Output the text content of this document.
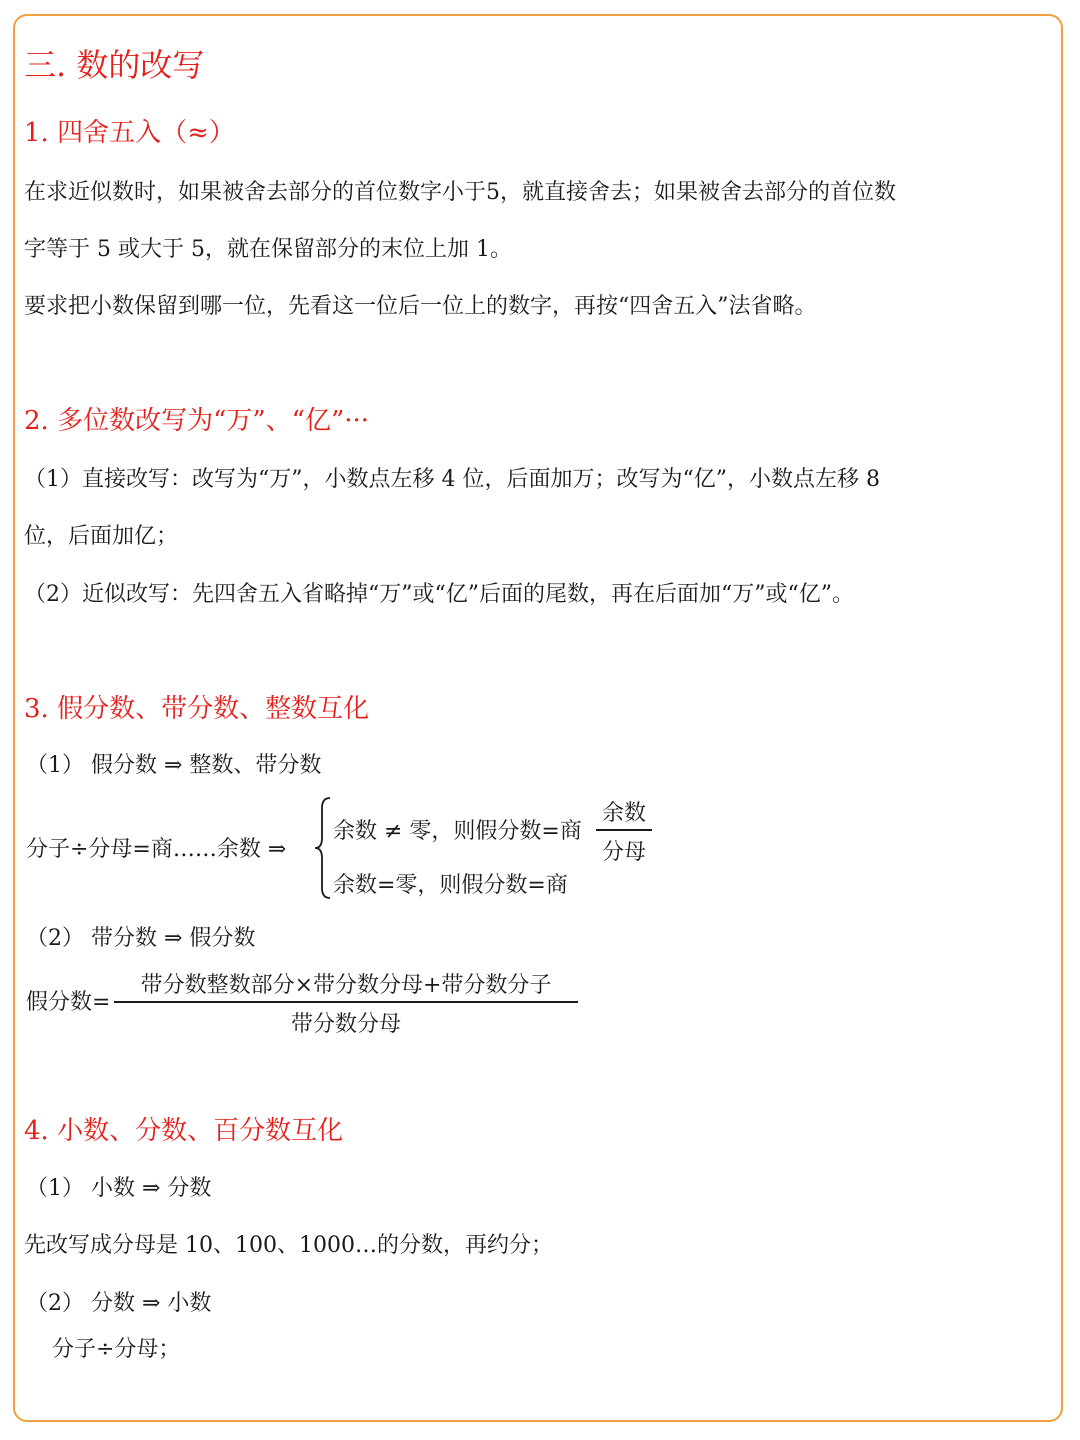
三. 数的改写
1. 四舍五入（≈）
在求近似数时，如果被舍去部分的首位数字小于5，就直接舍去；如果被舍去部分的首位数
字等于 5 或大于 5，就在保留部分的末位上加 1。
要求把小数保留到哪一位，先看这一位后一位上的数字，再按“四舍五入”法省略。
2. 多位数改写为“万”、“亿”···
（1）直接改写：改写为“万”，小数点左移 4 位，后面加万；改写为“亿”，小数点左移 8
位，后面加亿；
（2）近似改写：先四舍五入省略掉“万”或“亿”后面的尾数，再在后面加“万”或“亿”。
3. 假分数、带分数、整数互化
（1） 假分数 ⇒ 整数、带分数
分子÷分母=商……余数 ⇒
余数 ≠ 零，则假分数=商
余数
分母
余数=零，则假分数=商
（2） 带分数 ⇒ 假分数
假分数=
带分数整数部分×带分数分母+带分数分子
带分数分母
4. 小数、分数、百分数互化
（1） 小数 ⇒ 分数
先改写成分母是 10、100、1000…的分数，再约分；
（2） 分数 ⇒ 小数
分子÷分母；
